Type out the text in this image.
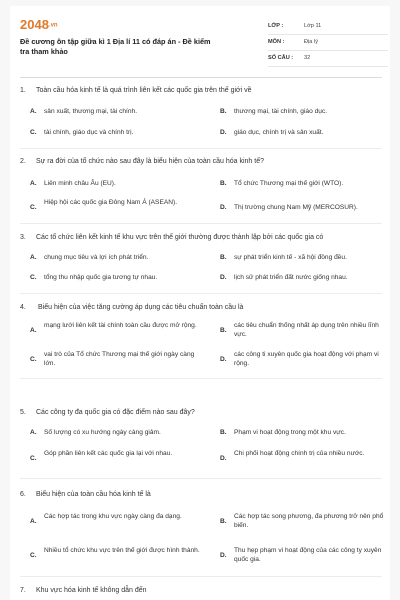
2048.vn
Đề cương ôn tập giữa kì 1 Địa lí 11 có đáp án - Đề kiểm tra tham khảo
LỚP :	Lớp 11
MÔN :	Địa lý
SỐ CÂU : 32
1. Toàn cầu hóa kinh tế là quá trình liên kết các quốc gia trên thế giới về
A. sản xuất, thương mại, tài chính.	B. thương mại, tài chính, giáo dục.
C. tài chính, giáo dục và chính trị.	D. giáo dục, chính trị và sản xuất.
2. Sự ra đời của tổ chức nào sau đây là biểu hiện của toàn cầu hóa kinh tế?
A. Liên minh châu Âu (EU).	B. Tổ chức Thương mại thế giới (WTO).
C.
Hiệp hội các quốc gia Đông Nam Á (ASEAN).
D. Thị trường chung Nam Mỹ (MERCOSUR).
3. Các tổ chức liên kết kinh tế khu vực trên thế giới thường được thành lập bởi các quốc gia có
A. chung mục tiêu và lợi ích phát triển.	B. sự phát triển kinh tế - xã hội đồng đều.
C. tổng thu nhập quốc gia tương tự nhau.	D. lịch sử phát triển đất nước giống nhau.
4. Biểu hiện của việc tăng cường áp dụng các tiêu chuẩn toàn cầu là
A.
mạng lưới liên kết tài chính toàn cầu được mở rộng.
B.
các tiêu chuẩn thống nhất áp dụng trên nhiều lĩnh vực.
C.
vai trò của Tổ chức Thương mại thế giới ngày càng lớn.
D.
các công ti xuyên quốc gia hoạt động với phạm vi rộng.
5. Các công ty đa quốc gia có đặc điểm nào sau đây?
A. Số lượng có xu hướng ngày càng giảm.	B. Phạm vi hoạt động trong một khu vực.
C.
Góp phần liên kết các quốc gia lại với nhau.
D.
Chi phối hoạt động chính trị của nhiều nước.
6. Biểu hiện của toàn cầu hóa kinh tế là
A.
Các hợp tác trong khu vực ngày càng đa dạng.
B.
Các hợp tác song phương, đa phương trở nên phổ biến.
C.
Nhiều tổ chức khu vực trên thế giới được hình thành.
D.
Thu hẹp phạm vi hoạt động của các công ty xuyên quốc gia.
7. Khu vực hóa kinh tế không dẫn đến
